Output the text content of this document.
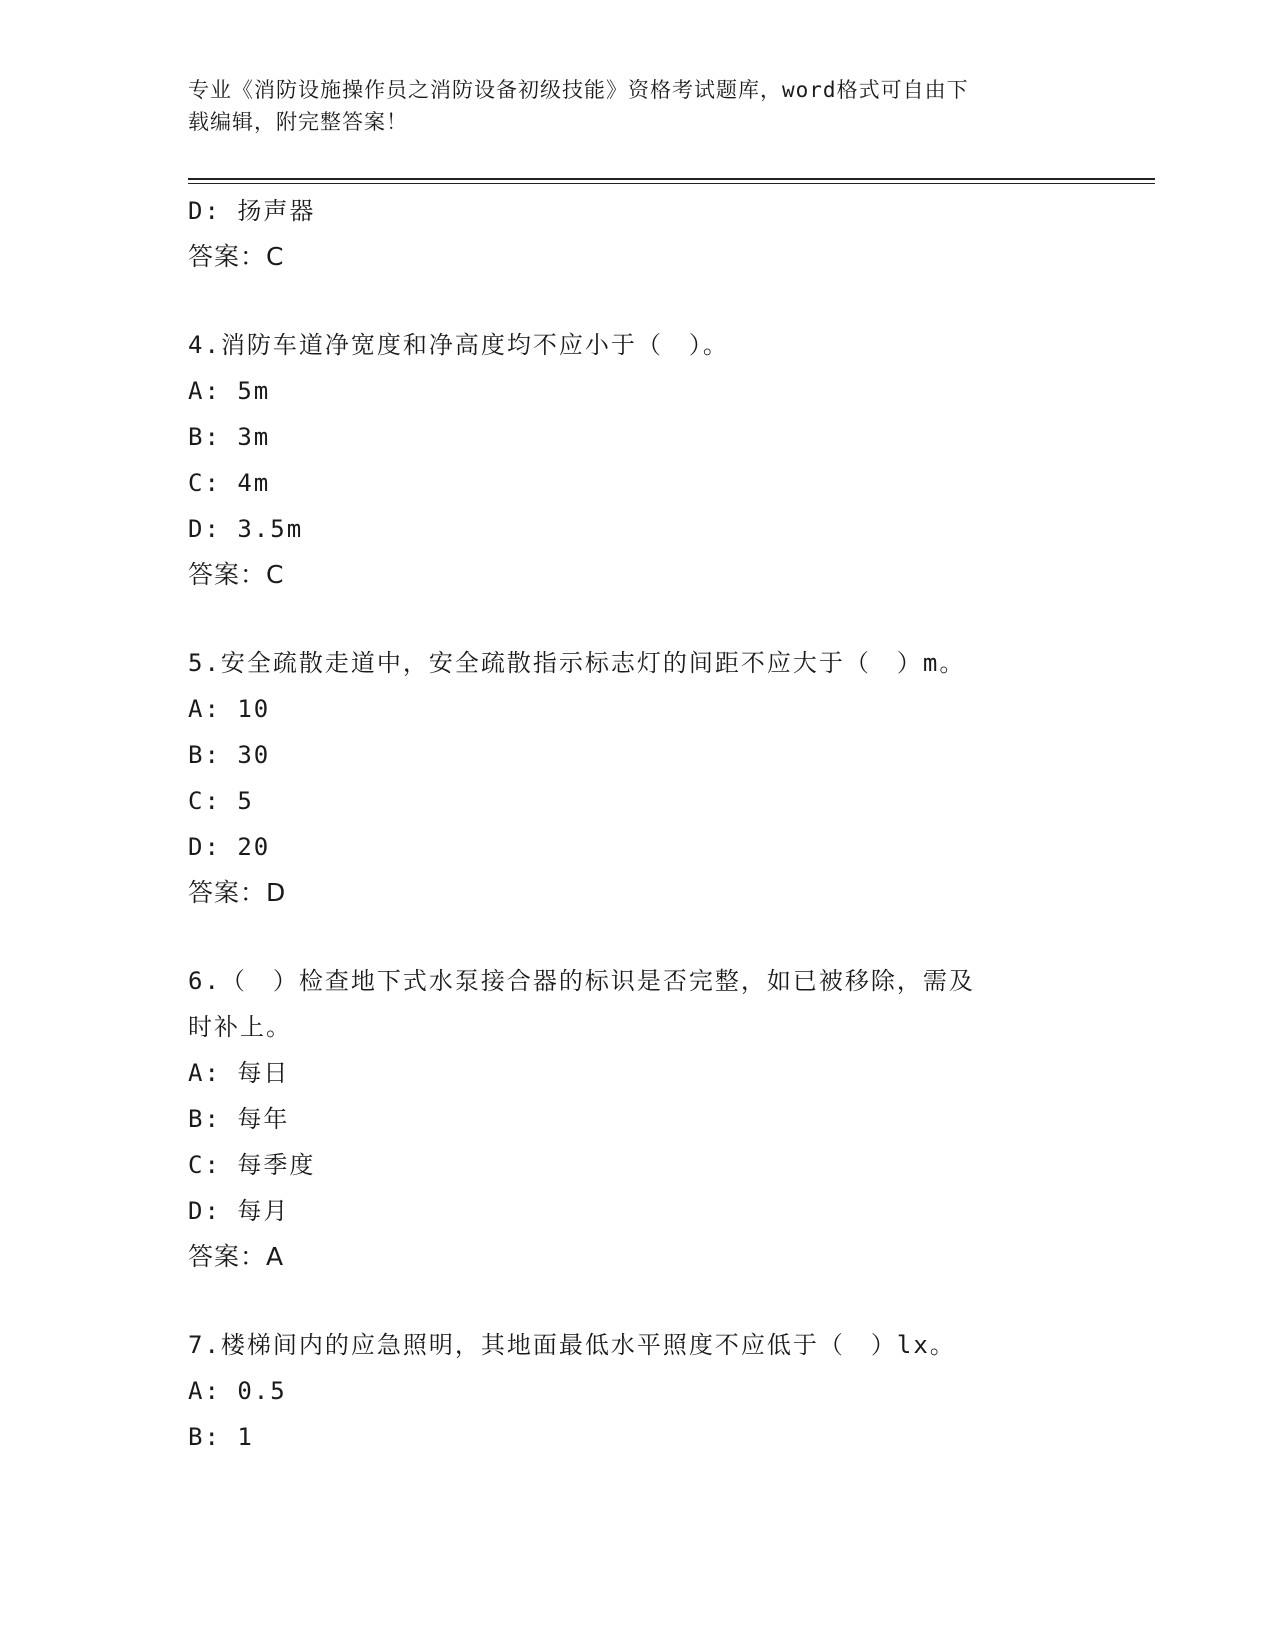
专业《消防设施操作员之消防设备初级技能》资格考试题库，word格式可自由下
载编辑，附完整答案！
D: 扬声器
答案：C
4.消防车道净宽度和净高度均不应小于（　）。
A: 5m
B: 3m
C: 4m
D: 3.5m
答案：C
5.安全疏散走道中，安全疏散指示标志灯的间距不应大于（　）m。
A: 10
B: 30
C: 5
D: 20
答案：D
6.（　）检查地下式水泵接合器的标识是否完整，如已被移除，需及
时补上。
A: 每日
B: 每年
C: 每季度
D: 每月
答案：A
7.楼梯间内的应急照明，其地面最低水平照度不应低于（　）lx。
A: 0.5
B: 1
